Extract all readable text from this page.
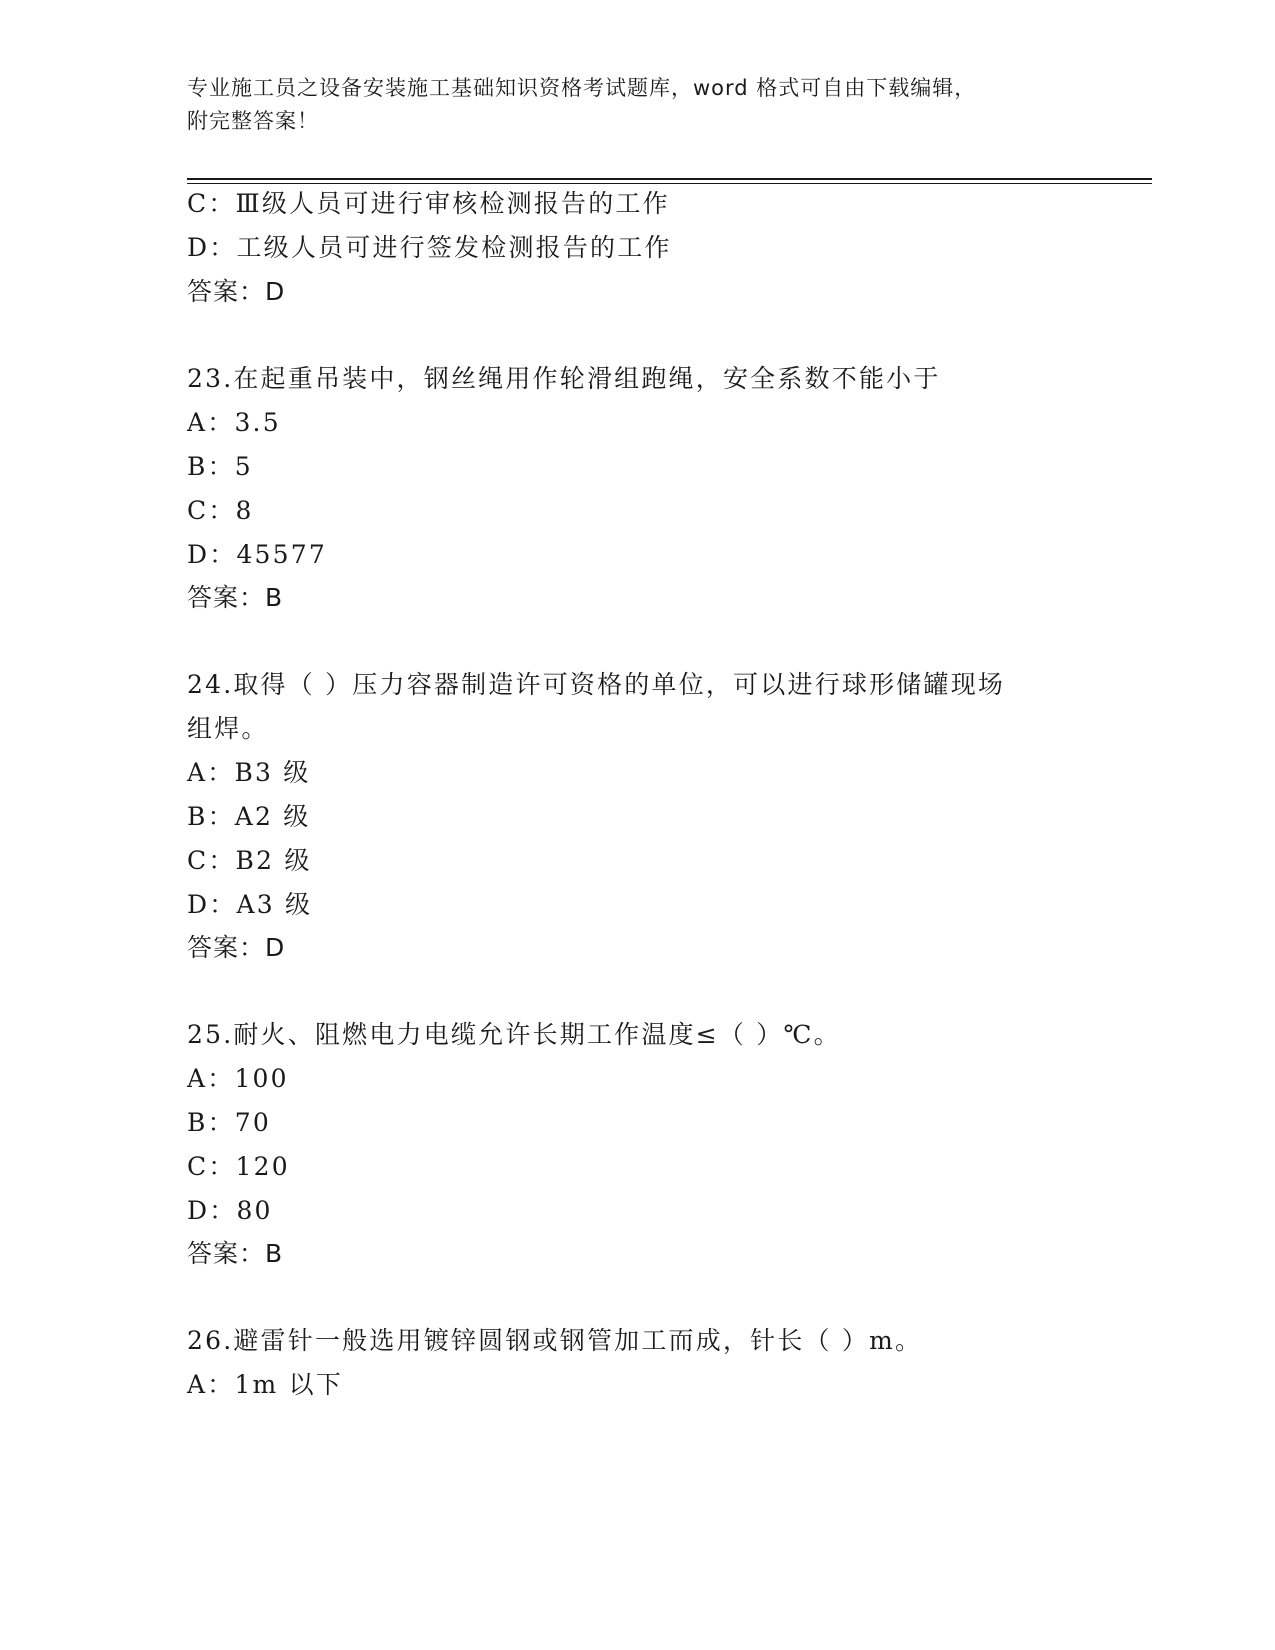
专业施工员之设备安装施工基础知识资格考试题库，word 格式可自由下载编辑，
附完整答案！
C：Ⅲ级人员可进行审核检测报告的工作
D：工级人员可进行签发检测报告的工作
答案：D
23.在起重吊装中，钢丝绳用作轮滑组跑绳，安全系数不能小于
A：3.5
B：5
C：8
D：45577
答案：B
24.取得（ ）压力容器制造许可资格的单位，可以进行球形储罐现场
组焊。
A：B3 级
B：A2 级
C：B2 级
D：A3 级
答案：D
25.耐火、阻燃电力电缆允许长期工作温度≤（ ）℃。
A：100
B：70
C：120
D：80
答案：B
26.避雷针一般选用镀锌圆钢或钢管加工而成，针长（ ）m。
A：1m 以下
